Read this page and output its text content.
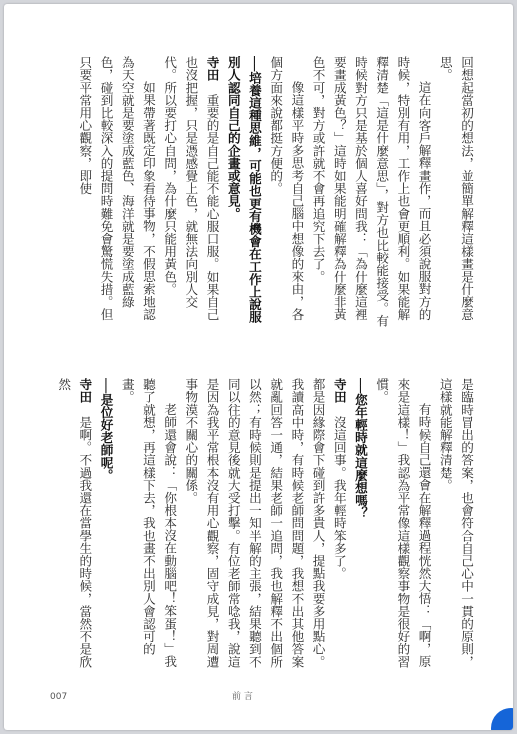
回想起當初的想法，並簡單解釋這樣畫是什麼意思。

這在向客戶解釋畫作，而且必須說服對方的時候，特別有用，工作上也會更順利。如果能解釋清楚「這是什麼意思」，對方也比較能接受。有時候對方只是基於個人喜好問我：「為什麼這裡要畫成黃色？」這時如果能明確解釋為什麼非黃色不可，對方或許就不會再追究下去了。

像這樣平時多思考自己腦中想像的來由，各個方面來說都挺方便的。

──培養這種思維，可能也更有機會在工作上說服別人認同自己的企畫或意見。

寺田　重要的是自己能不能心服口服。如果自己也沒把握，只是憑感覺上色，就無法向別人交代。所以要打心自問，為什麼只能用黃色。

如果帶著既定印象看待事物，不假思索地認為天空就是要塗成藍色、海洋就是要塗成藍綠色，碰到比較深入的提問時難免會驚慌失措。但只要平常用心觀察，即使

是臨時冒出的答案，也會符合自己心中一貫的原則，這樣就能解釋清楚。

有時候自己還會在解釋過程恍然大悟：「啊，原來是這樣！」我認為平常像這樣觀察事物是很好的習慣。

──您年輕時就這麼想嗎？

寺田　沒這回事。我年輕時笨多了。

都是因緣際會下碰到許多貴人，提點我要多用點心。我讀高中時，有時候老師問問題，我想不出其他答案就亂回答一通，結果老師一追問，我也解釋不出個所以然；有時候則是提出一知半解的主張，結果聽到不同以往的意見後就大受打擊。有位老師常唸我，說這是因為我平常根本沒有用心觀察，固守成見，對周遭事物漠不關心的關係。

老師還會說：「你根本沒在動腦吧！笨蛋！」我聽了就想，再這樣下去，我也畫不出別人會認可的畫。

──是位好老師呢。

寺田　是啊。不過我還在當學生的時候，當然不是欣然

007	前 言
